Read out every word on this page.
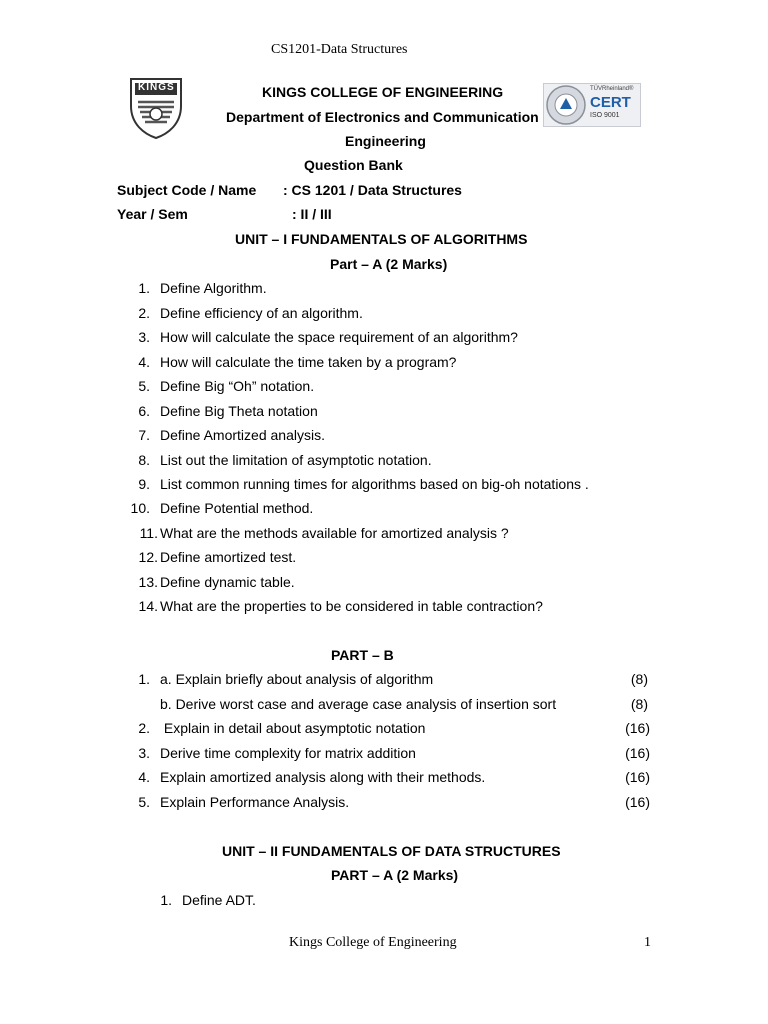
CS1201-Data Structures
KINGS	TÜVRheinland®
CERT
ISO 9001
KINGS COLLEGE OF ENGINEERING
Department of Electronics and Communication
Engineering
Question Bank
Subject Code / Name : CS 1201 / Data Structures
Year / Sem	: II / III
UNIT – I FUNDAMENTALS OF ALGORITHMS
Part – A (2 Marks)
1. Define Algorithm.
2. Define efficiency of an algorithm.
3. How will calculate the space requirement of an algorithm?
4. How will calculate the time taken by a program?
5. Define Big “Oh” notation.
6. Define Big Theta notation
7. Define Amortized analysis.
8. List out the limitation of asymptotic notation.
9. List common running times for algorithms based on big-oh notations .
10. Define Potential method.
11. What are the methods available for amortized analysis ?
12. Define amortized test.
13. Define dynamic table.
14. What are the properties to be considered in table contraction?
PART – B
1. a. Explain briefly about analysis of algorithm	(8)
b. Derive worst case and average case analysis of insertion sort	(8)
2. Explain in detail about asymptotic notation	(16)
3. Derive time complexity for matrix addition	(16)
4. Explain amortized analysis along with their methods.	(16)
5. Explain Performance Analysis.	(16)
UNIT – II FUNDAMENTALS OF DATA STRUCTURES
PART – A (2 Marks)
1. Define ADT.
Kings College of Engineering	1
